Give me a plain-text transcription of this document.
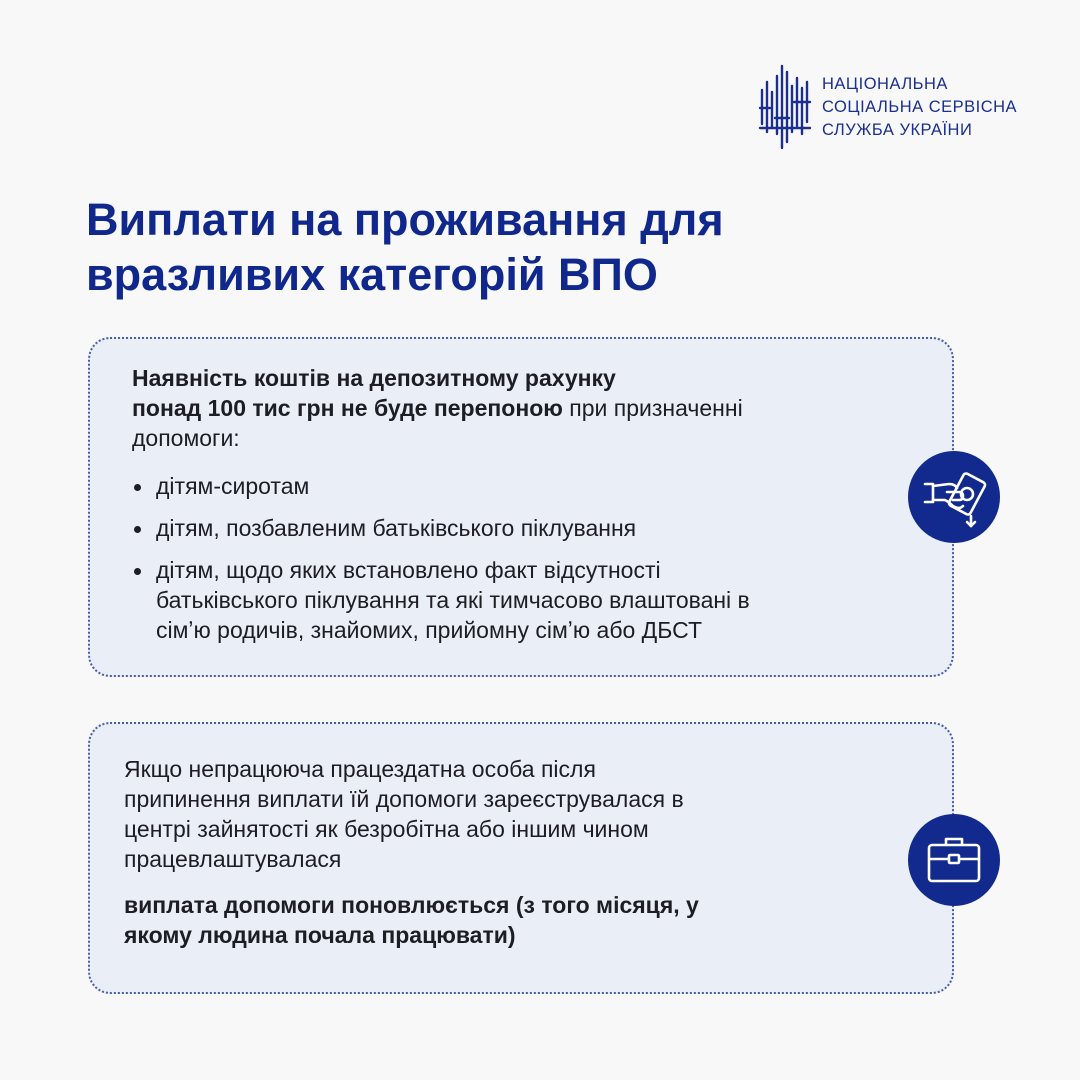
НАЦІОНАЛЬНА
СОЦІАЛЬНА СЕРВІСНА
СЛУЖБА УКРАЇНИ
Виплати на проживання для
вразливих категорій ВПО
Наявність коштів на депозитному рахунку
понад 100 тис грн не буде перепоною при призначенні
допомоги:
дітям-сиротам
дітям, позбавленим батьківського піклування
дітям, щодо яких встановлено факт відсутності
батьківського піклування та які тимчасово влаштовані в
сімʼю родичів, знайомих, прийомну сімʼю або ДБСТ
Якщо непрацююча працездатна особа після
припинення виплати їй допомоги зареєструвалася в
центрі зайнятості як безробітна або іншим чином
працевлаштувалася
виплата допомоги поновлюється (з того місяця, у
якому людина почала працювати)
